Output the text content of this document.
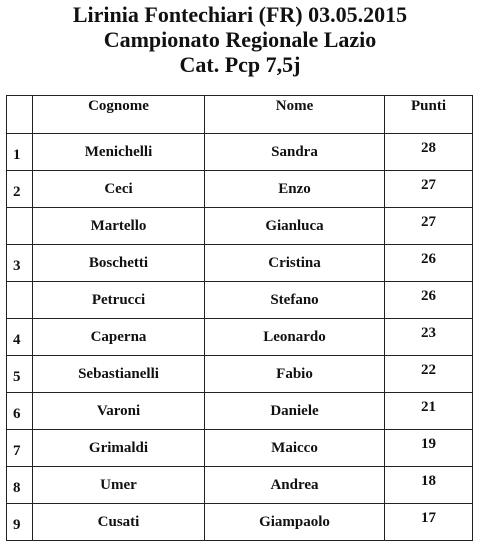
Lirinia Fontechiari (FR) 03.05.2015
Campionato Regionale Lazio
Cat. Pcp 7,5j
	Cognome	Nome	Punti
1	Menichelli	Sandra	28
2	Ceci	Enzo	27
	Martello	Gianluca	27
3	Boschetti	Cristina	26
	Petrucci	Stefano	26
4	Caperna	Leonardo	23
5	Sebastianelli	Fabio	22
6	Varoni	Daniele	21
7	Grimaldi	Maicco	19
8	Umer	Andrea	18
9	Cusati	Giampaolo	17
